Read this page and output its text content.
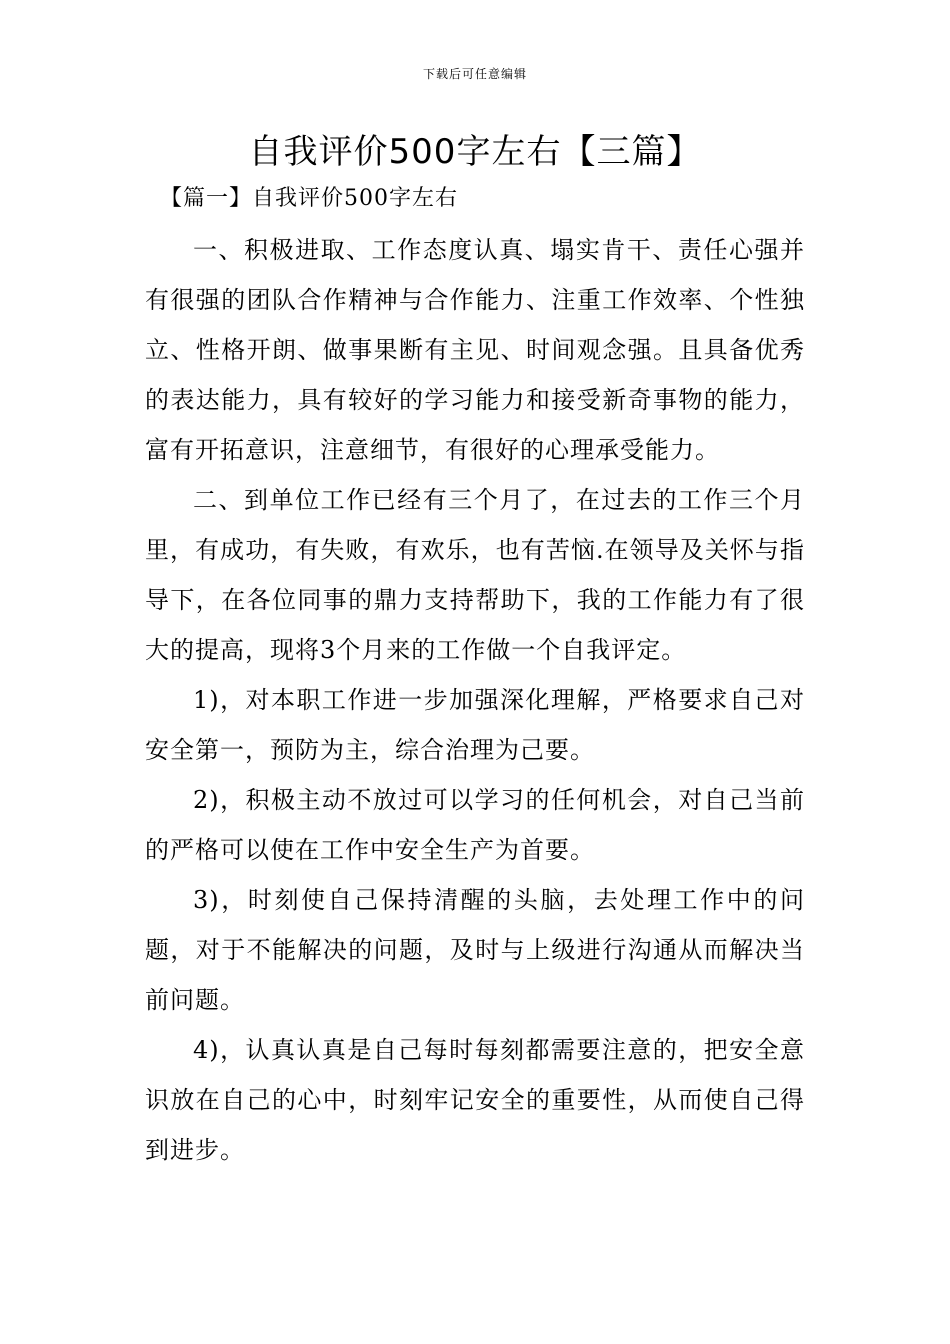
下载后可任意编辑
自我评价500字左右【三篇】
【篇一】自我评价500字左右

一、积极进取、工作态度认真、塌实肯干、责任心强并有很强的团队合作精神与合作能力、注重工作效率、个性独立、性格开朗、做事果断有主见、时间观念强。且具备优秀的表达能力，具有较好的学习能力和接受新奇事物的能力，富有开拓意识，注意细节，有很好的心理承受能力。

二、到单位工作已经有三个月了，在过去的工作三个月里，有成功，有失败，有欢乐，也有苦恼.在领导及关怀与指导下，在各位同事的鼎力支持帮助下，我的工作能力有了很大的提高，现将3个月来的工作做一个自我评定。

1)，对本职工作进一步加强深化理解，严格要求自己对安全第一，预防为主，综合治理为己要。

2)，积极主动不放过可以学习的任何机会，对自己当前的严格可以使在工作中安全生产为首要。

3)，时刻使自己保持清醒的头脑，去处理工作中的问题，对于不能解决的问题，及时与上级进行沟通从而解决当前问题。

4)，认真认真是自己每时每刻都需要注意的，把安全意识放在自己的心中，时刻牢记安全的重要性，从而使自己得到进步。
